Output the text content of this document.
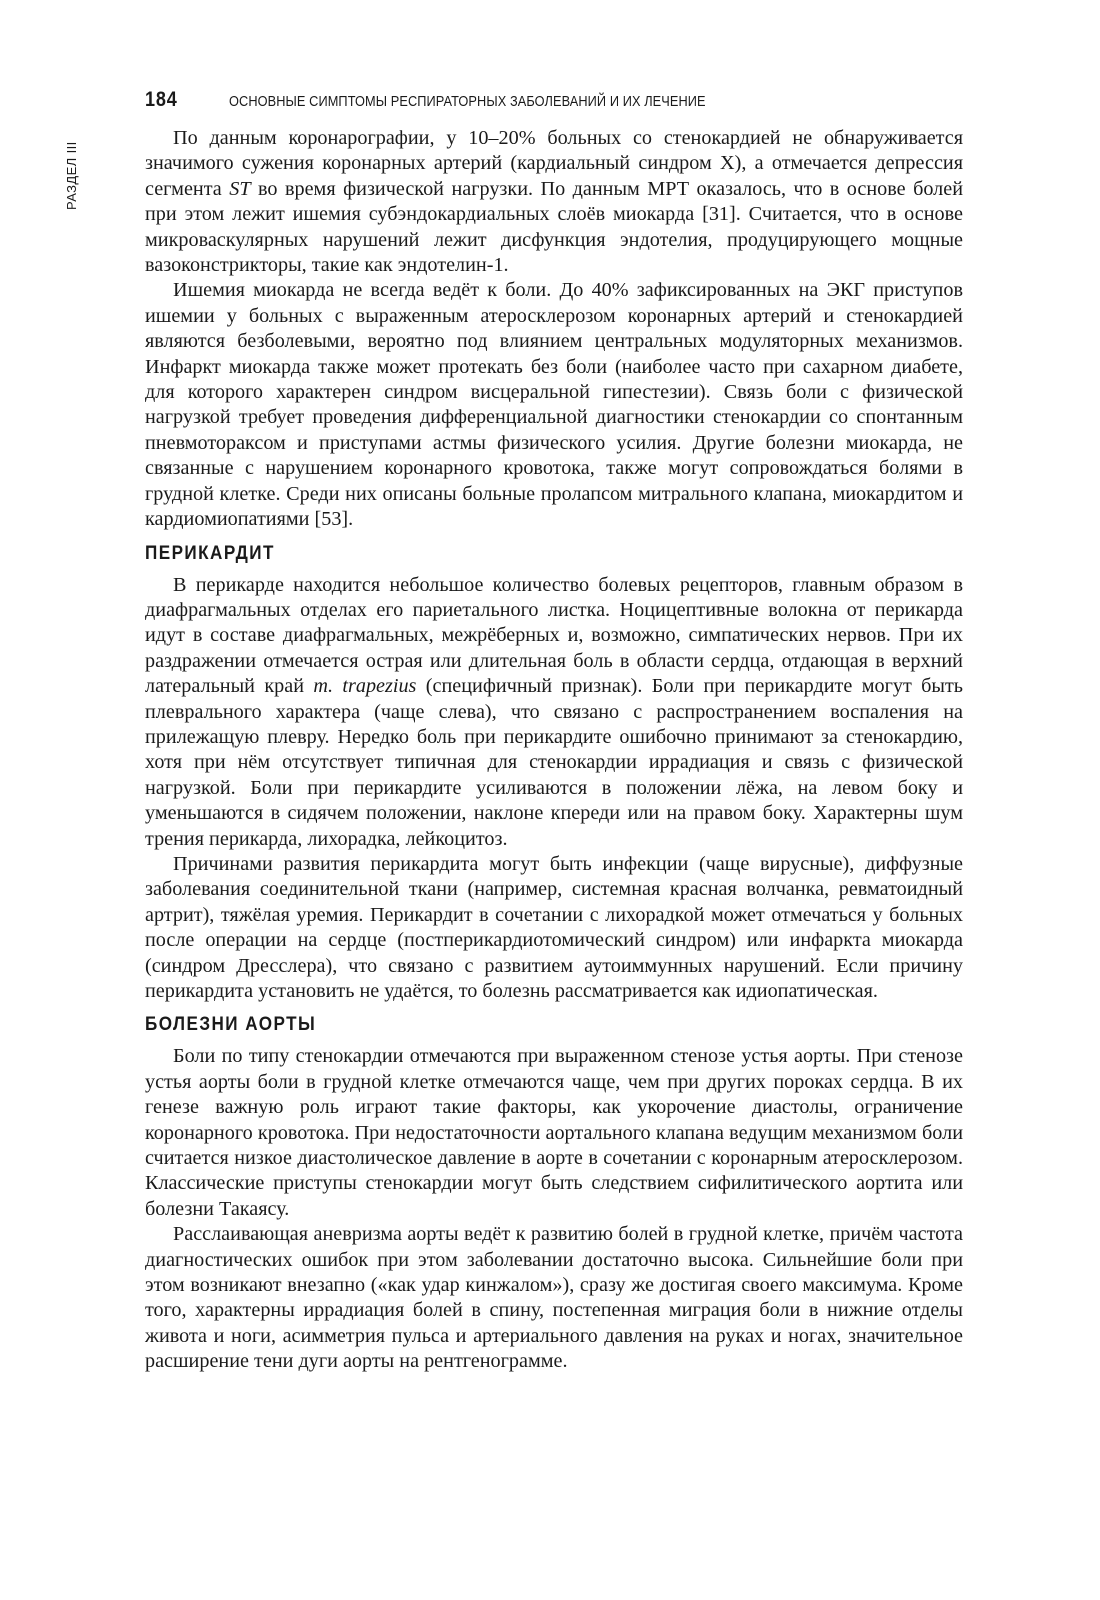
184	ОСНОВНЫЕ СИМПТОМЫ РЕСПИРАТОРНЫХ ЗАБОЛЕВАНИЙ И ИХ ЛЕЧЕНИЕ
РАЗДЕЛ III

По данным коронарографии, у 10–20% больных со стенокардией не обнаруживается значимого сужения коронарных артерий (кардиальный синдром X), а отмечается депрессия сегмента ST во время физической нагрузки. По данным МРТ оказалось, что в основе болей при этом лежит ишемия субэндокардиальных слоёв миокарда [31]. Считается, что в основе микроваскулярных нарушений лежит дисфункция эндотелия, продуцирующего мощные вазоконстрикторы, такие как эндотелин-1.

Ишемия миокарда не всегда ведёт к боли. До 40% зафиксированных на ЭКГ приступов ишемии у больных с выраженным атеросклерозом коронарных артерий и стенокардией являются безболевыми, вероятно под влиянием центральных модуляторных механизмов. Инфаркт миокарда также может протекать без боли (наиболее часто при сахарном диабете, для которого характерен синдром висцеральной гипестезии). Связь боли с физической нагрузкой требует проведения дифференциальной диагностики стенокардии со спонтанным пневмотораксом и приступами астмы физического усилия. Другие болезни миокарда, не связанные с нарушением коронарного кровотока, также могут сопровождаться болями в грудной клетке. Среди них описаны больные пролапсом митрального клапана, миокардитом и кардиомиопатиями [53].

ПЕРИКАРДИТ

В перикарде находится небольшое количество болевых рецепторов, главным образом в диафрагмальных отделах его париетального листка. Ноцицептивные волокна от перикарда идут в составе диафрагмальных, межрёберных и, возможно, симпатических нервов. При их раздражении отмечается острая или длительная боль в области сердца, отдающая в верхний латеральный край m. trapezius (специфичный признак). Боли при перикардите могут быть плеврального характера (чаще слева), что связано с распространением воспаления на прилежащую плевру. Нередко боль при перикардите ошибочно принимают за стенокардию, хотя при нём отсутствует типичная для стенокардии иррадиация и связь с физической нагрузкой. Боли при перикардите усиливаются в положении лёжа, на левом боку и уменьшаются в сидячем положении, наклоне кпереди или на правом боку. Характерны шум трения перикарда, лихорадка, лейкоцитоз.

Причинами развития перикардита могут быть инфекции (чаще вирусные), диффузные заболевания соединительной ткани (например, системная красная волчанка, ревматоидный артрит), тяжёлая уремия. Перикардит в сочетании с лихорадкой может отмечаться у больных после операции на сердце (постперикардиотомический синдром) или инфаркта миокарда (синдром Дресслера), что связано с развитием аутоиммунных нарушений. Если причину перикардита установить не удаётся, то болезнь рассматривается как идиопатическая.

БОЛЕЗНИ АОРТЫ

Боли по типу стенокардии отмечаются при выраженном стенозе устья аорты. При стенозе устья аорты боли в грудной клетке отмечаются чаще, чем при других пороках сердца. В их генезе важную роль играют такие факторы, как укорочение диастолы, ограничение коронарного кровотока. При недостаточности аортального клапана ведущим механизмом боли считается низкое диастолическое давление в аорте в сочетании с коронарным атеросклерозом. Классические приступы стенокардии могут быть следствием сифилитического аортита или болезни Такаясу.

Расслаивающая аневризма аорты ведёт к развитию болей в грудной клетке, причём частота диагностических ошибок при этом заболевании достаточно высока. Сильнейшие боли при этом возникают внезапно («как удар кинжалом»), сразу же достигая своего максимума. Кроме того, характерны иррадиация болей в спину, постепенная миграция боли в нижние отделы живота и ноги, асимметрия пульса и артериального давления на руках и ногах, значительное расширение тени дуги аорты на рентгенограмме.
